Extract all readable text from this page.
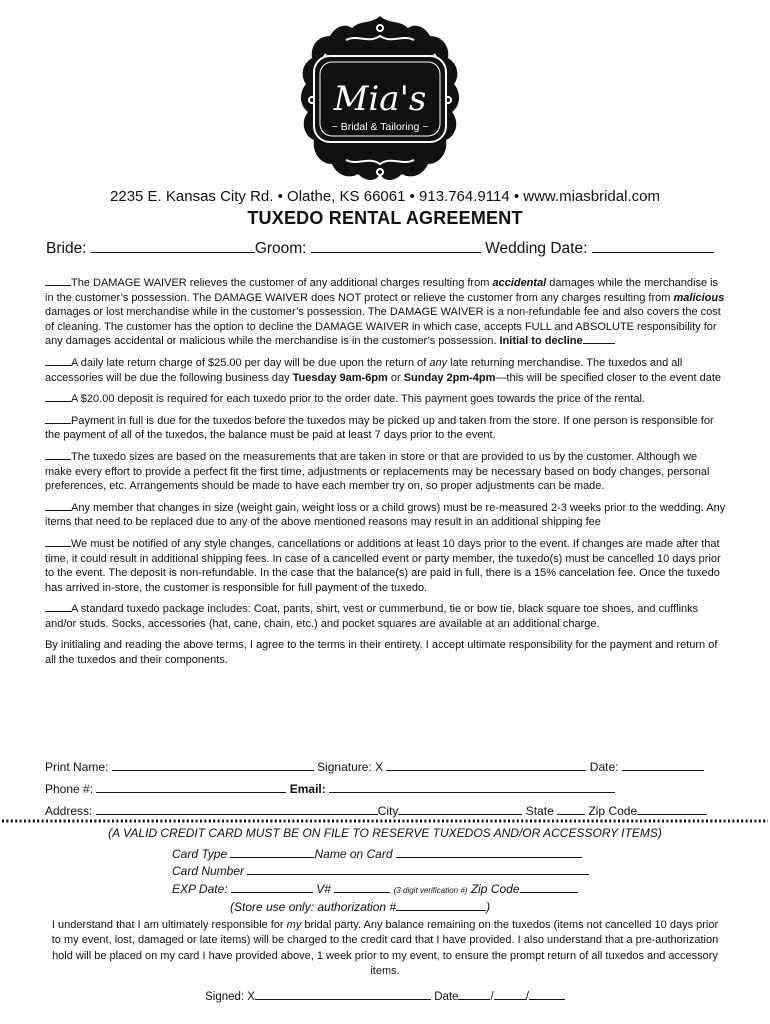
Mia's
~ Bridal & Tailoring ~
2235 E. Kansas City Rd. • Olathe, KS 66061 • 913.764.9114 • www.miasbridal.com
TUXEDO RENTAL AGREEMENT
Bride:	Groom:	Wedding Date:

The DAMAGE WAIVER relieves the customer of any additional charges resulting from accidental damages while the merchandise is in the customer’s possession. The DAMAGE WAIVER does NOT protect or relieve the customer from any charges resulting from malicious damages or lost merchandise while in the customer’s possession. The DAMAGE WAIVER is a non-refundable fee and also covers the cost of cleaning. The customer has the option to decline the DAMAGE WAIVER in which case, accepts FULL and ABSOLUTE responsibility for any damages accidental or malicious while the merchandise is in the customer’s possession. Initial to decline

A daily late return charge of $25.00 per day will be due upon the return of any late returning merchandise. The tuxedos and all accessories will be due the following business day Tuesday 9am-6pm or Sunday 2pm-4pm—this will be specified closer to the event date

A $20.00 deposit is required for each tuxedo prior to the order date. This payment goes towards the price of the rental.

Payment in full is due for the tuxedos before the tuxedos may be picked up and taken from the store. If one person is responsible for the payment of all of the tuxedos, the balance must be paid at least 7 days prior to the event.

The tuxedo sizes are based on the measurements that are taken in store or that are provided to us by the customer. Although we make every effort to provide a perfect fit the first time, adjustments or replacements may be necessary based on body changes, personal preferences, etc. Arrangements should be made to have each member try on, so proper adjustments can be made.

Any member that changes in size (weight gain, weight loss or a child grows) must be re-measured 2-3 weeks prior to the wedding. Any items that need to be replaced due to any of the above mentioned reasons may result in an additional shipping fee

We must be notified of any style changes, cancellations or additions at least 10 days prior to the event. If changes are made after that time, it could result in additional shipping fees. In case of a cancelled event or party member, the tuxedo(s) must be cancelled 10 days prior to the event. The deposit is non-refundable. In the case that the balance(s) are paid in full, there is a 15% cancelation fee. Once the tuxedo has arrived in-store, the customer is responsible for full payment of the tuxedo.

A standard tuxedo package includes: Coat, pants, shirt, vest or cummerbund, tie or bow tie, black square toe shoes, and cufflinks and/or studs. Socks, accessories (hat, cane, chain, etc.) and pocket squares are available at an additional charge.

By initialing and reading the above terms, I agree to the terms in their entirety. I accept ultimate responsibility for the payment and return of all the tuxedos and their components.

Print Name:	Signature: X	Date:
Phone #:	Email:
Address:	City	State	Zip Code
(A VALID CREDIT CARD MUST BE ON FILE TO RESERVE TUXEDOS AND/OR ACCESSORY ITEMS)
Card Type	Name on Card
Card Number
EXP Date:	V#	(3 digit verification #) Zip Code
(Store use only: authorization #	)
I understand that I am ultimately responsible for my bridal party. Any balance remaining on the tuxedos (items not cancelled 10 days prior to my event, lost, damaged or late items) will be charged to the credit card that I have provided. I also understand that a pre-authorization hold will be placed on my card I have provided above, 1 week prior to my event, to ensure the prompt return of all tuxedos and accessory items.
Signed: X	Date	/	/
